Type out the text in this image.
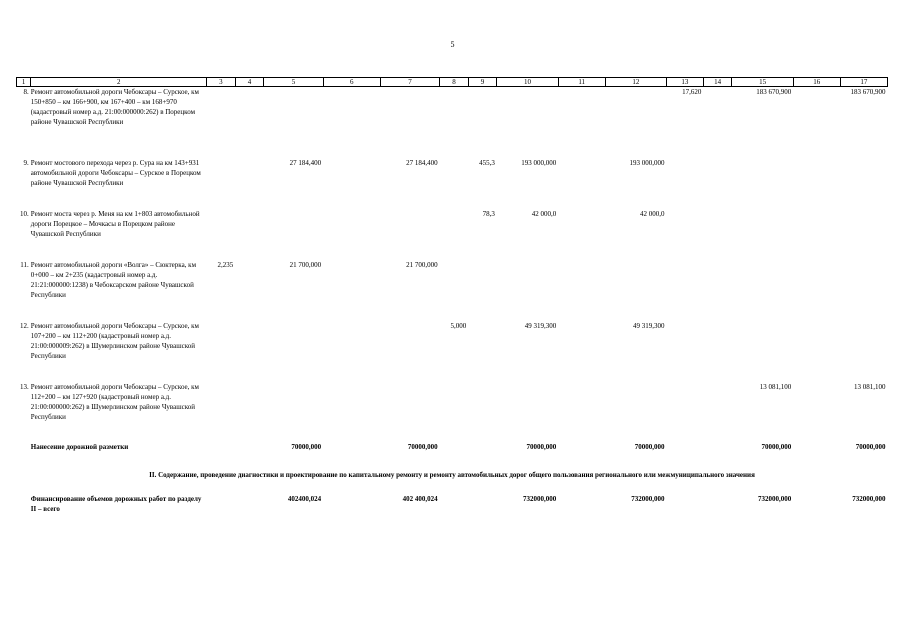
5
1	2	3	4	5	6	7	8	9	10	11	12	13	14	15	16	17
8.	Ремонт автомобильной дороги Чебоксары – Сурское, км 150+850 – км 166+900, км 167+400 – км 168+970 (кадастровый номер а.д. 21:00:000000:262) в Порецком районе Чувашской Республики											17,620		183 670,900		183 670,900
9.	Ремонт мостового перехода через р. Сура на км 143+931 автомобильной дороги Чебоксары – Сурское в Порецком районе Чувашской Республики			27 184,400		27 184,400		455,3	193 000,000		193 000,000					
10.	Ремонт моста через р. Меня на км 1+803 автомобильной дороги Порецкое – Мочкасы в Порецком районе Чувашской Республики							78,3	42 000,0		42 000,0					
11.	Ремонт автомобильной дороги «Волга» – Сюктерка, км 0+000 – км 2+235 (кадастровый номер а.д. 21:21:000000:1238) в Чебоксарском районе Чувашской Республики	2,235		21 700,000		21 700,000										
12.	Ремонт автомобильной дороги Чебоксары – Сурское, км 107+200 – км 112+200 (кадастровый номер а.д. 21:00:000009:262) в Шумерлинском районе Чувашской Республики						5,000		49 319,300		49 319,300					
13.	Ремонт автомобильной дороги Чебоксары – Сурское, км 112+200 – км 127+920 (кадастровый номер а.д. 21:00:000000:262) в Шумерлинском районе Чувашской Республики													13 081,100		13 081,100
	Нанесение дорожной разметки			70000,000		70000,000			70000,000		70000,000			70000,000		70000,000
II. Содержание, проведение диагностики и проектирование по капитальному ремонту и ремонту автомобильных дорог общего пользования регионального или межмуниципального значения																
	Финансирование объемов дорожных работ по разделу II – всего			402400,024		402 400,024			732000,000		732000,000			732000,000		732000,000
